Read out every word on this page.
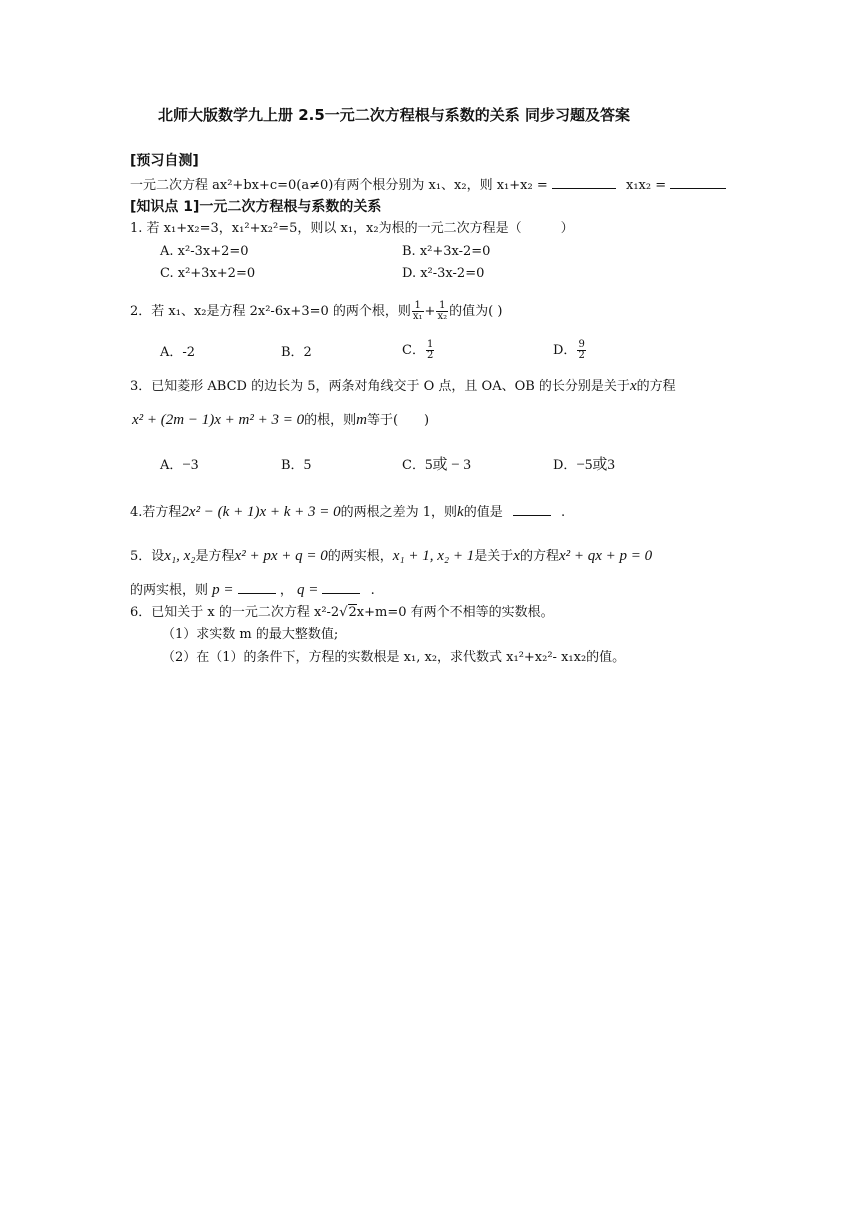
北师大版数学九上册 2.5一元二次方程根与系数的关系 同步习题及答案
[预习自测]
一元二次方程 ax²+bx+c=0(a≠0)有两个根分别为 x₁、x₂，则 x₁+x₂ =	x₁x₂ =
[知识点 1]一元二次方程根与系数的关系
1. 若 x₁+x₂=3，x₁²+x₂²=5，则以 x₁，x₂为根的一元二次方程是（　　　）
A. x²-3x+2=0	B. x²+3x-2=0
C. x²+3x+2=0	D. x²-3x-2=0
2．若 x₁、x₂是方程 2x²-6x+3=0 的两个根，则 $\frac{1}{\text{x₁}} + \frac{1}{\text{x₂}}$ 的值为( )
A．-2	B．2	C． $\frac{1}{2}$	D． $\frac{9}{2}$
3．已知菱形 ABCD 的边长为 5，两条对角线交于 O 点，且 OA、OB 的长分别是关于x的方程
x² + (2m − 1)x + m² + 3 = 0的根，则m等于(　　)
A．−3	B．5	C．5或 − 3	D．−5或3
4.若方程2x² − (k + 1)x + k + 3 = 0的两根之差为 1，则k的值是	.
5．设x₁, x₂是方程x² + px + q = 0的两实根，x₁ + 1, x₂ + 1是关于x的方程x² + qx + p = 0
的两实根，则 p =	， q =	.
6．已知关于 x 的一元二次方程 x²-2√2x+m=0 有两个不相等的实数根。
（1）求实数 m 的最大整数值;
（2）在（1）的条件下，方程的实数根是 x₁, x₂，求代数式 x₁²+x₂²- x₁x₂的值。
